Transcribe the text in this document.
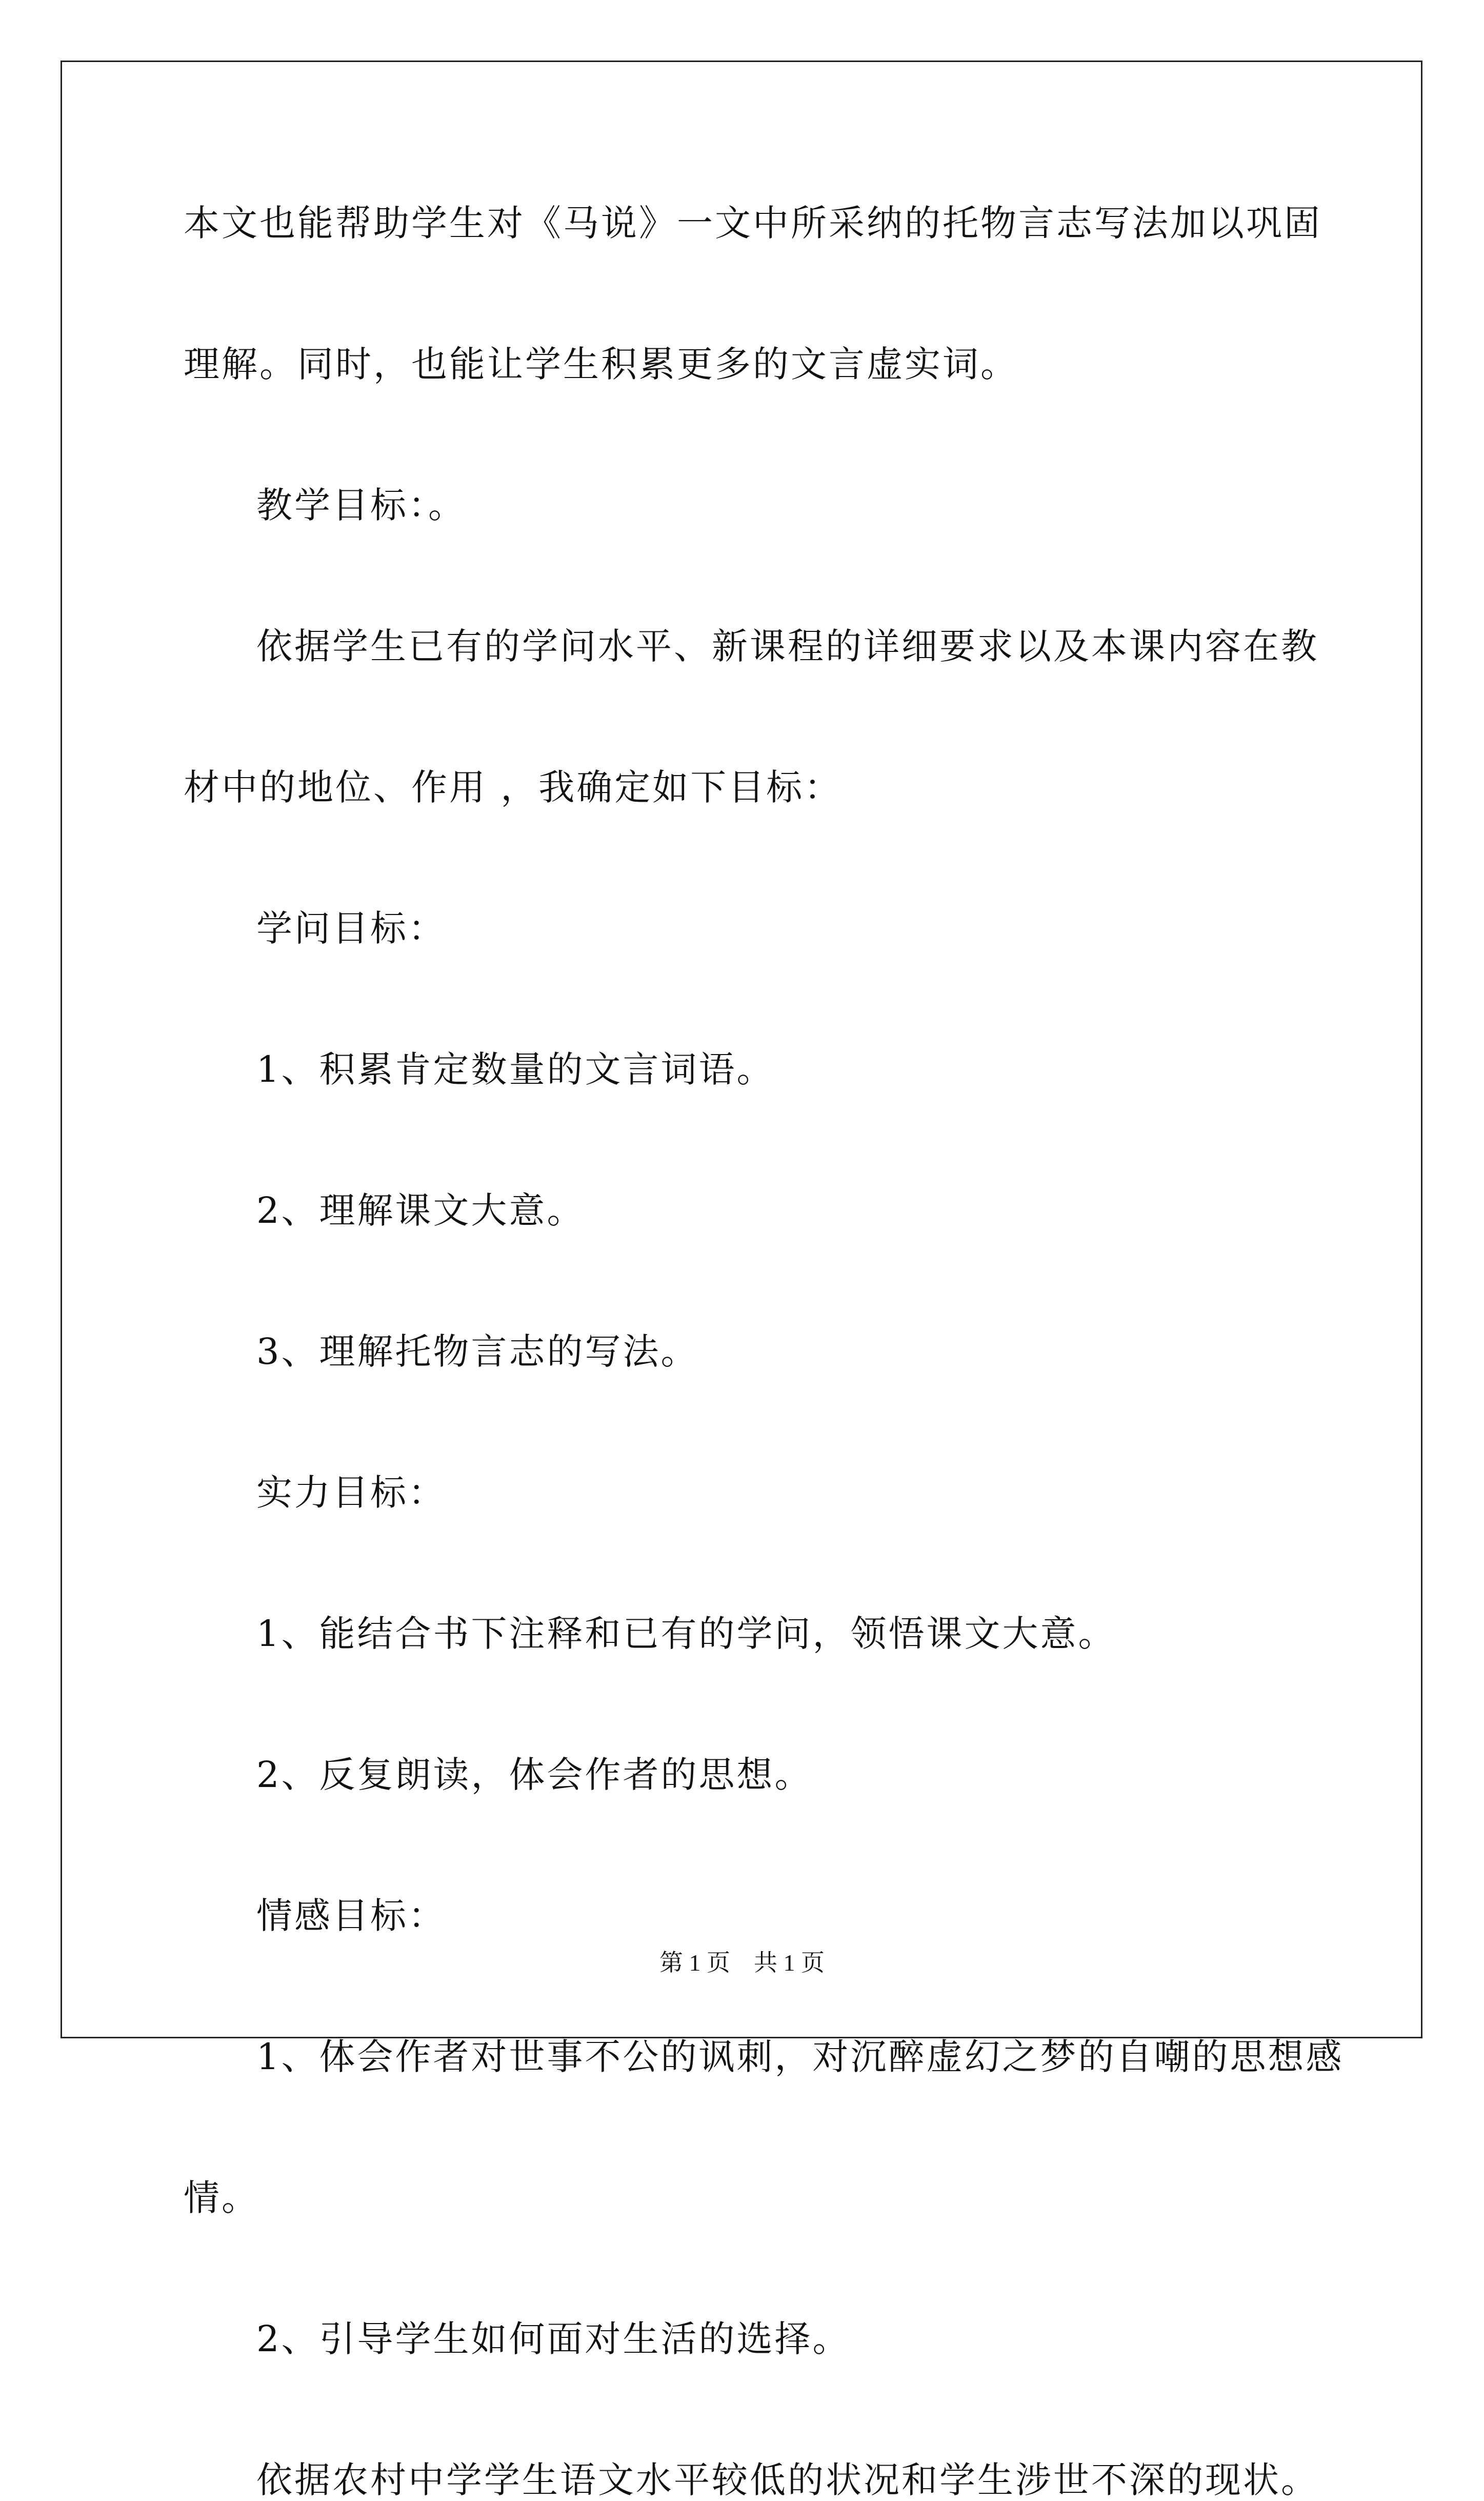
本文也能帮助学生对《马说》一文中所采纳的托物言志写法加以巩固

理解。同时，也能让学生积累更多的文言虚实词。

教学目标：。

依据学生已有的学问水平、新课程的详细要求以及本课内容在教

材中的地位、作用 ，我确定如下目标：

学问目标：

1、积累肯定数量的文言词语。

2、理解课文大意。

3、理解托物言志的写法。

实力目标：

1、能结合书下注释和已有的学问，领悟课文大意。

2、反复朗读，体会作者的思想。

情感目标：

1、体会作者对世事不公的讽刺，对沉醉虚幻之梦的自嘲的思想感

情。

2、引导学生如何面对生活的选择。

依据农村中学学生语文水平较低的状况和学生涉世不深的现状。

第 1 页　共 1 页
